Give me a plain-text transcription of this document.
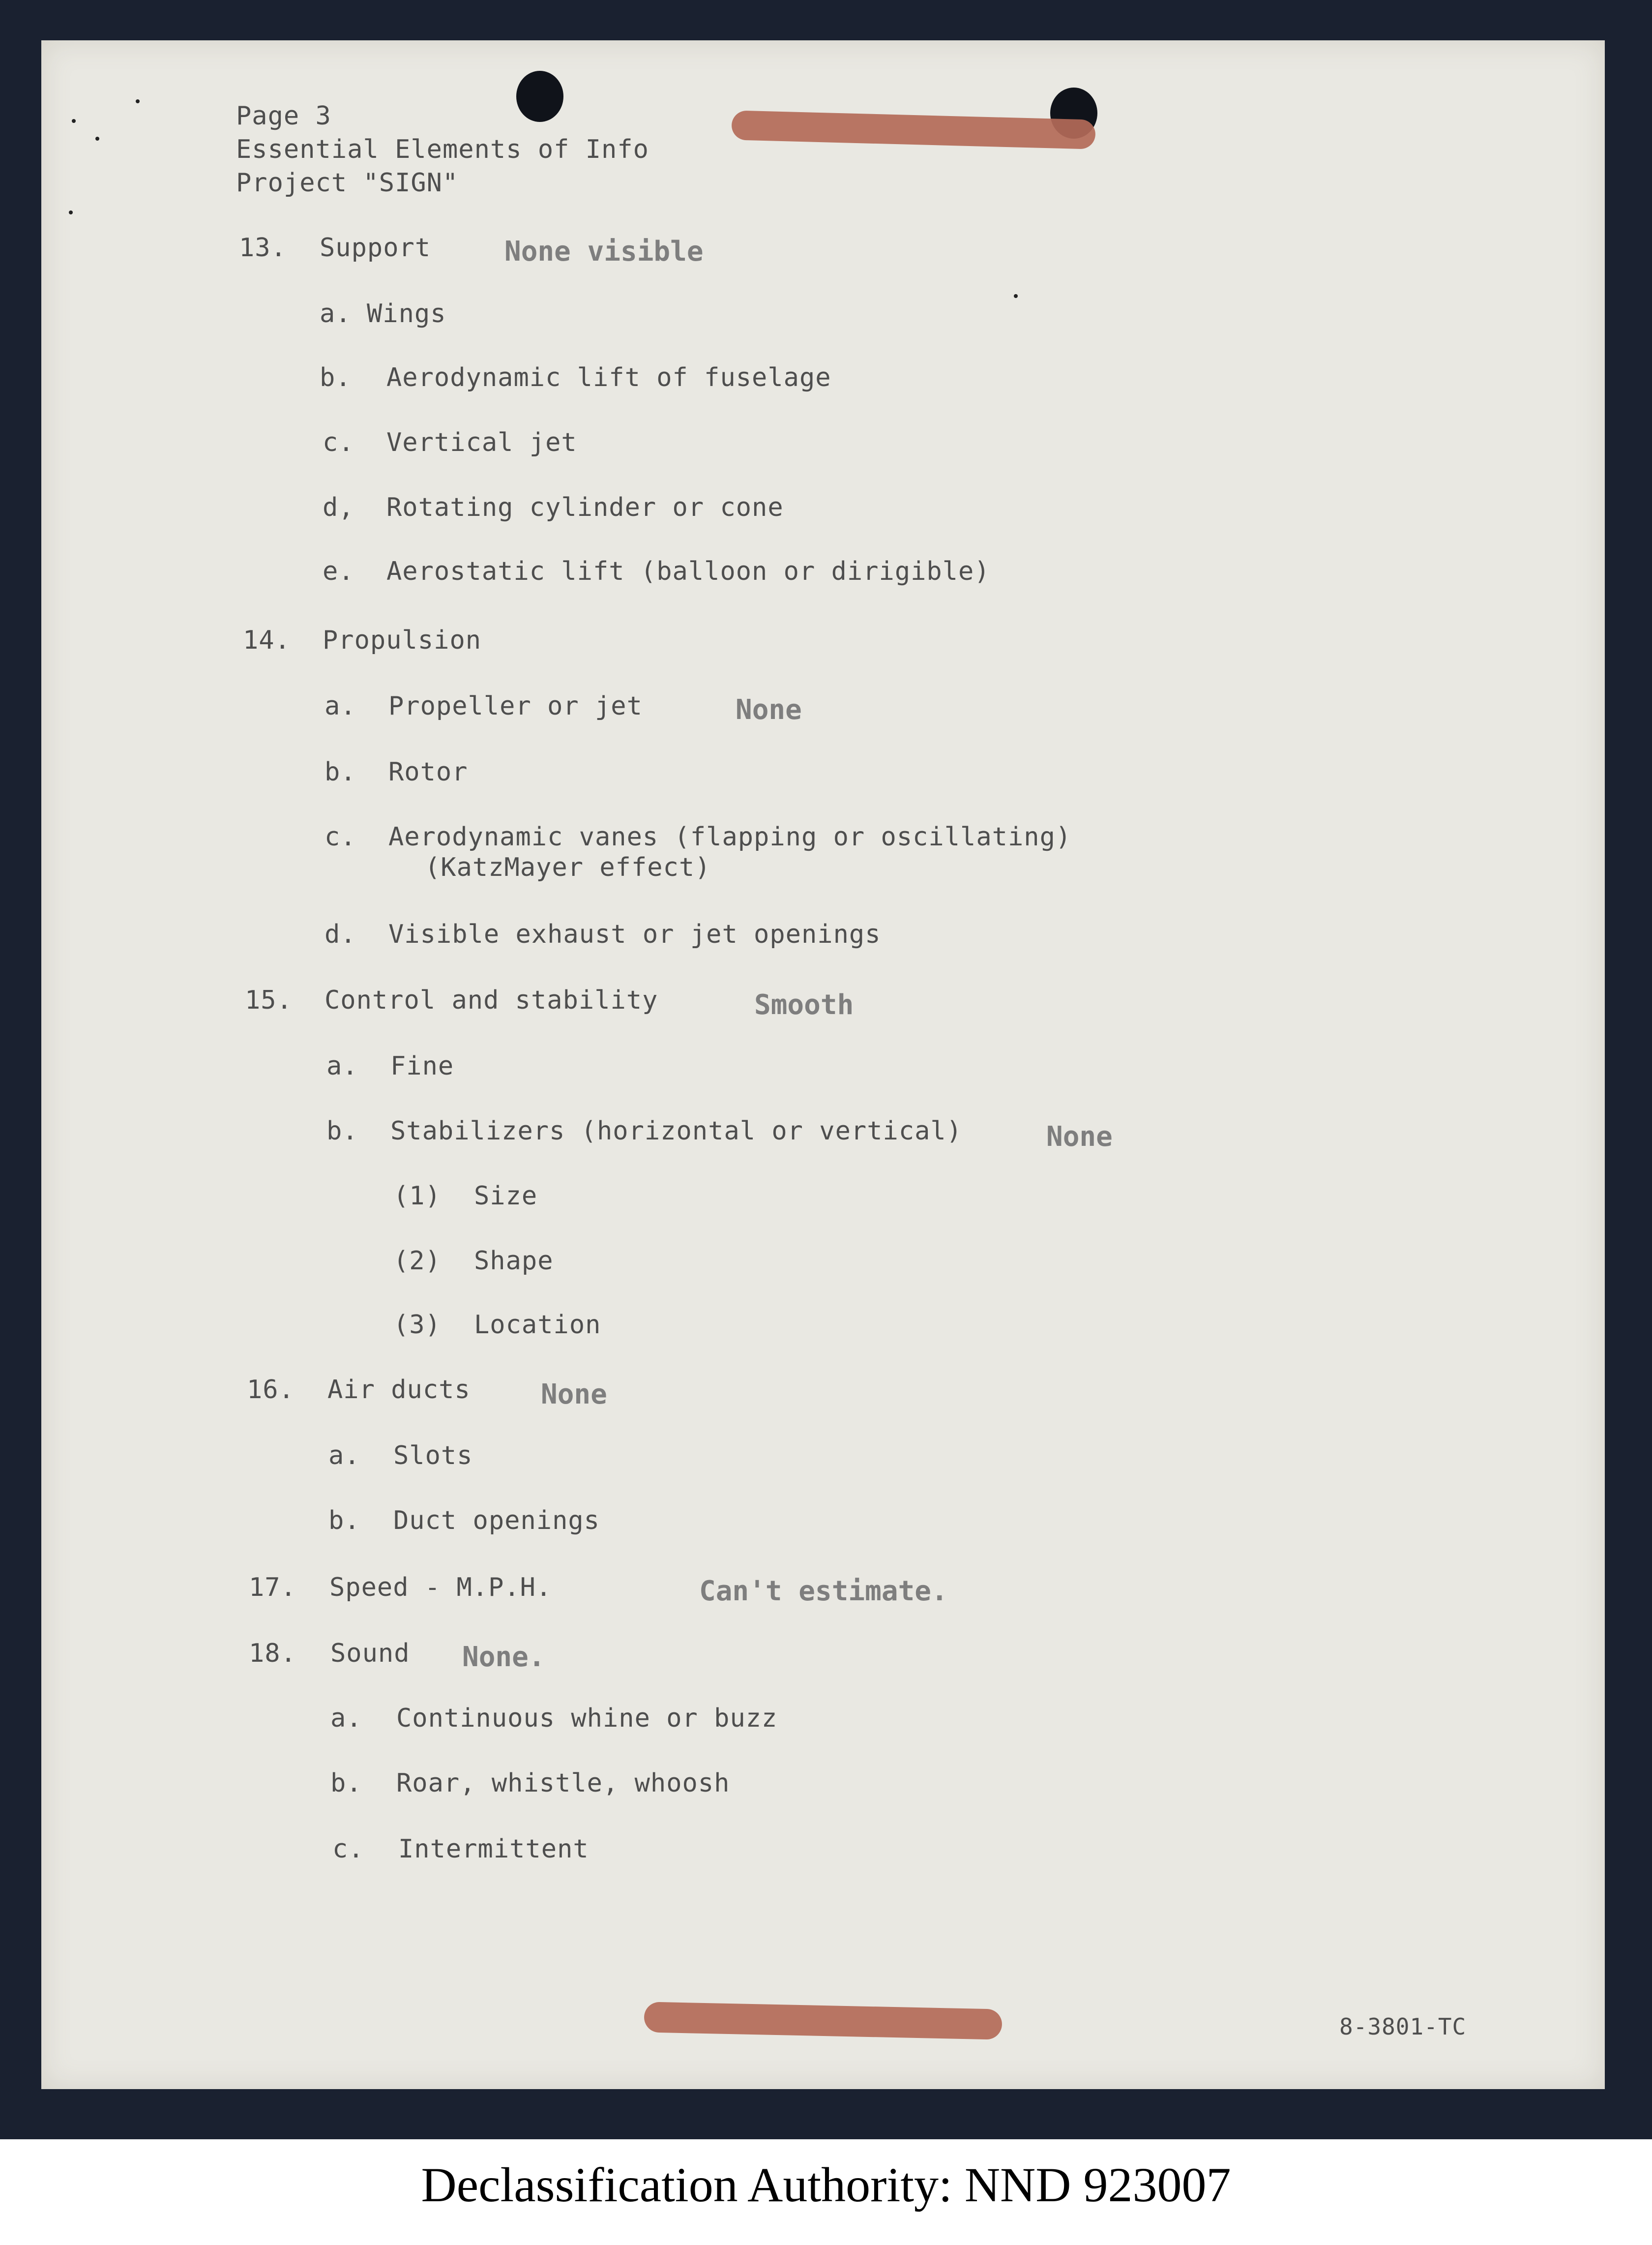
Page 3
Essential Elements of Info
Project "SIGN"
13. Support	None visible
a. Wings
b. Aerodynamic lift of fuselage
c. Vertical jet
d, Rotating cylinder or cone
e. Aerostatic lift (balloon or dirigible)
14. Propulsion
a. Propeller or jet	None
b. Rotor
c. Aerodynamic vanes (flapping or oscillating)
(KatzMayer effect)
d. Visible exhaust or jet openings
15. Control and stability	Smooth
a. Fine
b. Stabilizers (horizontal or vertical)	None
(1) Size
(2) Shape
(3) Location
16. Air ducts	None
a. Slots
b. Duct openings
17. Speed - M.P.H.	Can't estimate.
18. Sound None.
a. Continuous whine or buzz
b. Roar, whistle, whoosh
c. Intermittent
8-3801-TC
Declassification Authority: NND 923007
